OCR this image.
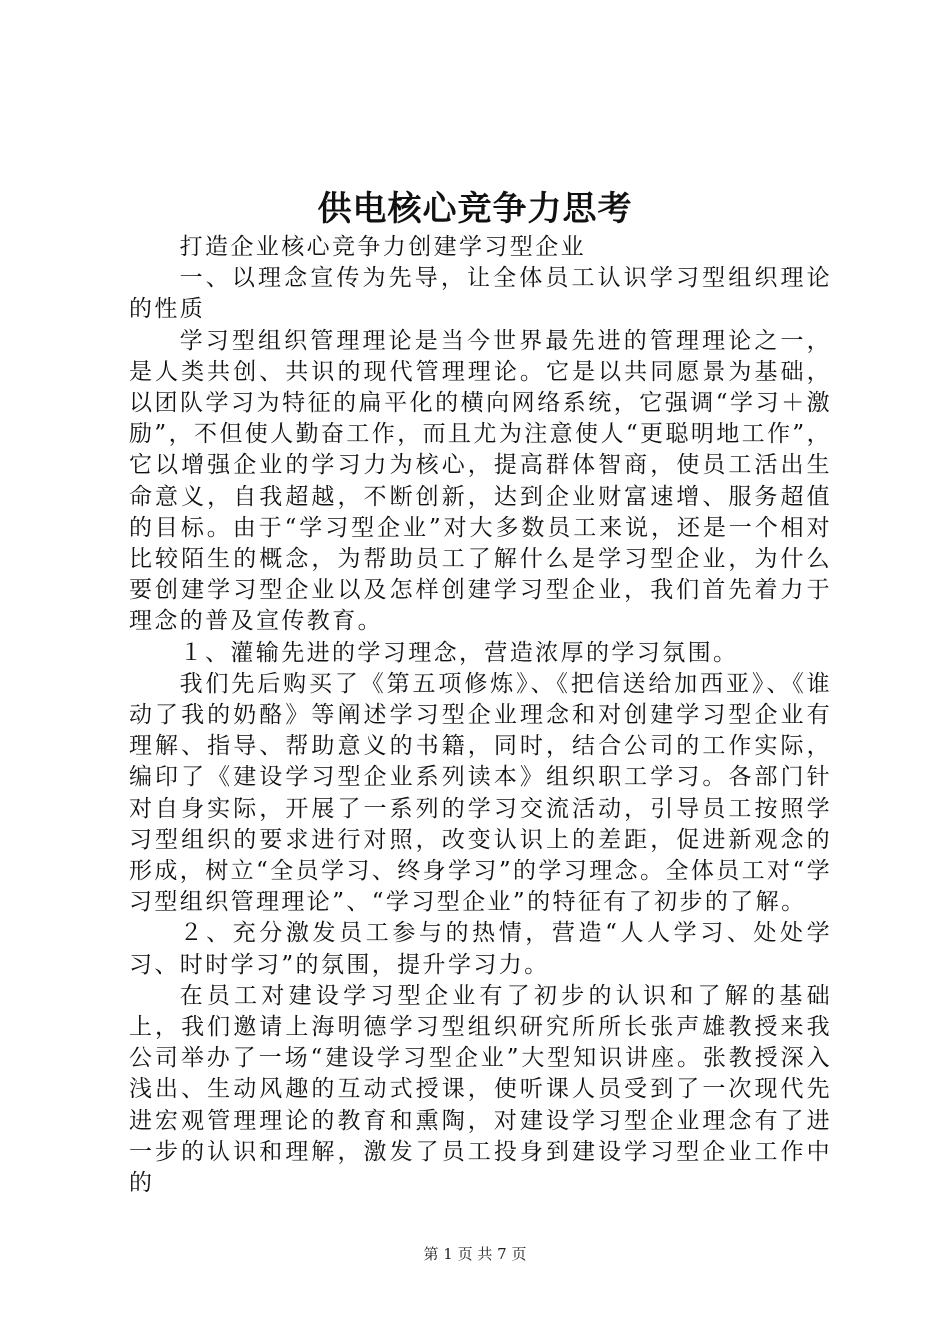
供电核心竞争力思考

打造企业核心竞争力创建学习型企业

一、以理念宣传为先导，让全体员工认识学习型组织理论的性质

学习型组织管理理论是当今世界最先进的管理理论之一，是人类共创、共识的现代管理理论。它是以共同愿景为基础，以团队学习为特征的扁平化的横向网络系统，它强调“学习＋激励”，不但使人勤奋工作，而且尤为注意使人“更聪明地工作”，它以增强企业的学习力为核心，提高群体智商，使员工活出生命意义，自我超越，不断创新，达到企业财富速增、服务超值的目标。由于“学习型企业”对大多数员工来说，还是一个相对比较陌生的概念，为帮助员工了解什么是学习型企业，为什么要创建学习型企业以及怎样创建学习型企业，我们首先着力于理念的普及宣传教育。

１、灌输先进的学习理念，营造浓厚的学习氛围。

我们先后购买了《第五项修炼》、《把信送给加西亚》、《谁动了我的奶酪》等阐述学习型企业理念和对创建学习型企业有理解、指导、帮助意义的书籍，同时，结合公司的工作实际，编印了《建设学习型企业系列读本》组织职工学习。各部门针对自身实际，开展了一系列的学习交流活动，引导员工按照学习型组织的要求进行对照，改变认识上的差距，促进新观念的形成，树立“全员学习、终身学习”的学习理念。全体员工对“学习型组织管理理论”、“学习型企业”的特征有了初步的了解。

２、充分激发员工参与的热情，营造“人人学习、处处学习、时时学习”的氛围，提升学习力。

在员工对建设学习型企业有了初步的认识和了解的基础上，我们邀请上海明德学习型组织研究所所长张声雄教授来我公司举办了一场“建设学习型企业”大型知识讲座。张教授深入浅出、生动风趣的互动式授课，使听课人员受到了一次现代先进宏观管理理论的教育和熏陶，对建设学习型企业理念有了进一步的认识和理解，激发了员工投身到建设学习型企业工作中的

第 1 页 共 7 页
